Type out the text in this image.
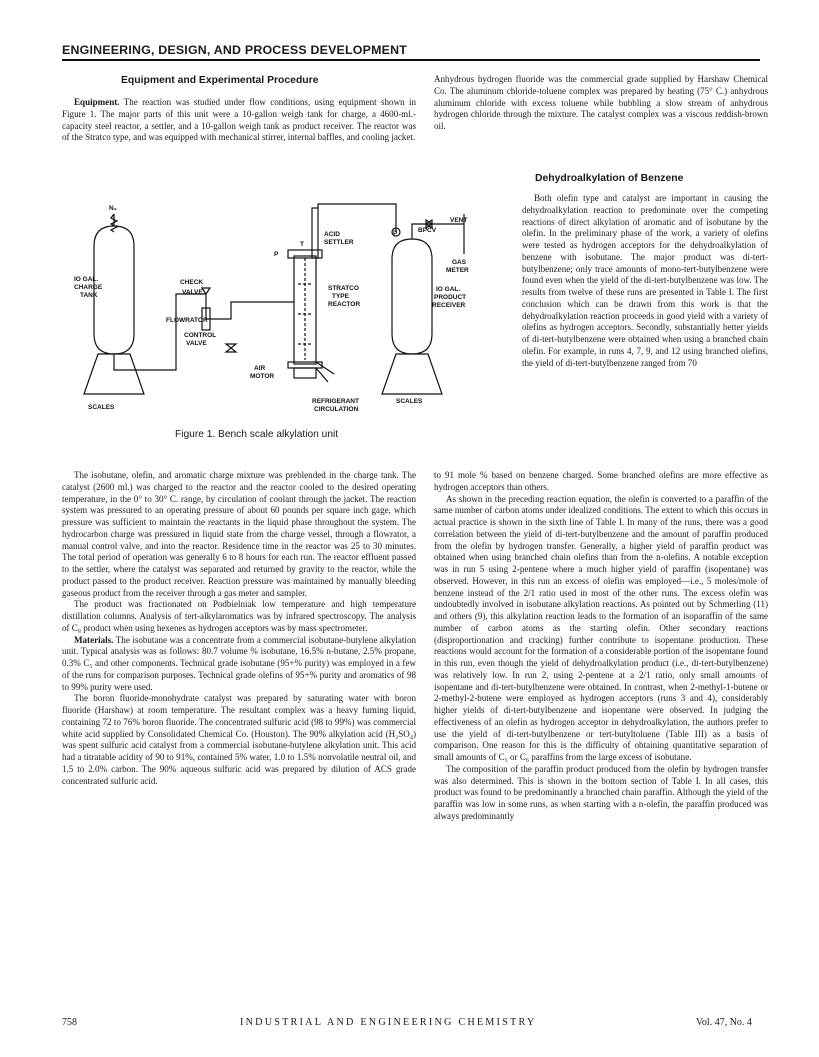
ENGINEERING, DESIGN, AND PROCESS DEVELOPMENT
Equipment and Experimental Procedure

Equipment. The reaction was studied under flow conditions, using equipment shown in Figure 1. The major parts of this unit were a 10-gallon weigh tank for charge, a 4600-ml.-capacity steel reactor, a settler, and a 10-gallon weigh tank as product receiver. The reactor was of the Stratco type, and was equipped with mechanical stirrer, internal baffles, and cooling jacket.

N₂
IO GAL.
CHARGE
TANK
CHECK
VALVE
FLOWRATOR
CONTROL
VALVE
SCALES
AIR
MOTOR
P
T
ACID
SETTLER
STRATCO
TYPE
REACTOR
REFRIGERANT
CIRCULATION
SCALES
VENT
BPCV
GAS
METER
IO GAL.
PRODUCT
RECEIVER
P
Figure 1. Bench scale alkylation unit

The isobutane, olefin, and aromatic charge mixture was preblended in the charge tank. The catalyst (2600 ml.) was charged to the reactor and the reactor cooled to the desired operating temperature, in the 0° to 30° C. range, by circulation of coolant through the jacket. The reaction system was pressured to an operating pressure of about 60 pounds per square inch gage, which pressure was sufficient to maintain the reactants in the liquid phase throughout the system. The hydrocarbon charge was pressured in liquid state from the charge vessel, through a flowrator, a manual control valve, and into the reactor. Residence time in the reactor was 25 to 30 minutes. The total period of operation was generally 6 to 8 hours for each run. The reactor effluent passed to the settler, where the catalyst was separated and returned by gravity to the reactor, while the product passed to the product receiver. Reaction pressure was maintained by manually bleeding gaseous product from the receiver through a gas meter and sampler.

The product was fractionated on Podbielniak low temperature and high temperature distillation columns. Analysis of tert-alkylaromatics was by infrared spectroscopy. The analysis of C₈ product when using hexenes as hydrogen acceptors was by mass spectrometer.

Materials. The isobutane was a concentrate from a commercial isobutane-butylene alkylation unit. Typical analysis was as follows: 80.7 volume % isobutane, 16.5% n-butane, 2.5% propane, 0.3% C₅ and other components. Technical grade isobutane (95+% purity) was employed in a few of the runs for comparison purposes. Technical grade olefins of 95+% purity and aromatics of 98 to 99% purity were used.

The boron fluoride-monohydrate catalyst was prepared by saturating water with boron fluoride (Harshaw) at room temperature. The resultant complex was a heavy fuming liquid, containing 72 to 76% boron fluoride. The concentrated sulfuric acid (98 to 99%) was commercial white acid supplied by Consolidated Chemical Co. (Houston). The 90% alkylation acid (H₂SO₄) was spent sulfuric acid catalyst from a commercial isobutane-butylene alkylation unit. This acid had a titratable acidity of 90 to 91%, contained 5% water, 1.0 to 1.5% nonvolatile neutral oil, and 1.5 to 2.0% carbon. The 90% aqueous sulfuric acid was prepared by dilution of ACS grade concentrated sulfuric acid.

Anhydrous hydrogen fluoride was the commercial grade supplied by Harshaw Chemical Co. The aluminum chloride-toluene complex was prepared by heating (75° C.) anhydrous aluminum chloride with excess toluene while bubbling a slow stream of anhydrous hydrogen chloride through the mixture. The catalyst complex was a viscous reddish-brown oil.

Dehydroalkylation of Benzene

Both olefin type and catalyst are important in causing the dehydroalkylation reaction to predominate over the competing reactions of direct alkylation of aromatic and of isobutane by the olefin. In the preliminary phase of the work, a variety of olefins were tested as hydrogen acceptors for the dehydroalkylation of benzene with isobutane. The major product was di-tert-butylbenzene; only trace amounts of mono-tert-butylbenzene were found even when the yield of the di-tert-butylbenzene was low. The results from twelve of these runs are presented in Table I. The first conclusion which can be drawn from this work is that the dehydroalkylation reaction proceeds in good yield with a variety of olefins as hydrogen acceptors. Secondly, substantially better yields of di-tert-butylbenzene were obtained when using a branched chain olefin. For example, in runs 4, 7, 9, and 12 using branched olefins, the yield of di-tert-butylbenzene ranged from 70

to 91 mole % based on benzene charged. Some branched olefins are more effective as hydrogen acceptors than others.

As shown in the preceding reaction equation, the olefin is converted to a paraffin of the same number of carbon atoms under idealized conditions. The extent to which this occurs in actual practice is shown in the sixth line of Table I. In many of the runs, there was a good correlation between the yield of di-tert-butylbenzene and the amount of paraffin produced from the olefin by hydrogen transfer. Generally, a higher yield of paraffin product was obtained when using branched chain olefins than from the n-olefins. A notable exception was in run 5 using 2-pentene where a much higher yield of paraffin (isopentane) was observed. However, in this run an excess of olefin was employed—i.e., 5 moles/mole of benzene instead of the 2/1 ratio used in most of the other runs. The excess olefin was undoubtedly involved in isobutane alkylation reactions. As pointed out by Schmerling (11) and others (9), this alkylation reaction leads to the formation of an isoparaffin of the same number of carbon atoms as the starting olefin. Other secondary reactions (disproportionation and cracking) further contribute to isopentane production. These reactions would account for the formation of a considerable portion of the isopentane found in this run, even though the yield of dehydroalkylation product (i.e., di-tert-butylbenzene) was relatively low. In run 2, using 2-pentene at a 2/1 ratio, only small amounts of isopentane and di-tert-butylbenzene were obtained. In contrast, when 2-methyl-1-butene or 2-methyl-2-butene were employed as hydrogen acceptors (runs 3 and 4), considerably higher yields of di-tert-butylbenzene and isopentane were observed. In judging the effectiveness of an olefin as hydrogen acceptor in dehydroalkylation, the authors prefer to use the yield of di-tert-butylbenzene or tert-butyltoluene (Table III) as a basis of comparison. One reason for this is the difficulty of obtaining quantitative separation of small amounts of C₅ or C₆ paraffins from the large excess of isobutane.

The composition of the paraffin product produced from the olefin by hydrogen transfer was also determined. This is shown in the bottom section of Table I. In all cases, this product was found to be predominantly a branched chain paraffin. Although the yield of the paraffin was low in some runs, as when starting with a n-olefin, the paraffin produced was always predominantly

758	INDUSTRIAL AND ENGINEERING CHEMISTRY	Vol. 47, No. 4
